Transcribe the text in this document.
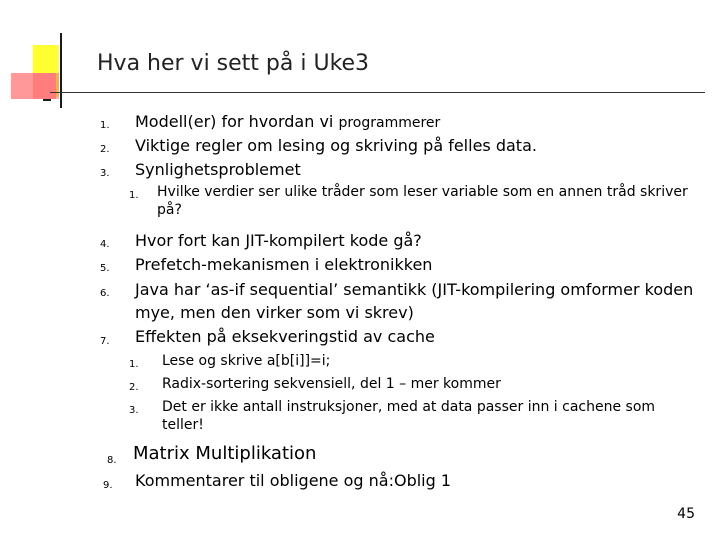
Hva her vi sett på i Uke3
1. Modell(er) for hvordan vi programmerer
2. Viktige regler om lesing og skriving på felles data.
3. Synlighetsproblemet
1. Hvilke verdier ser ulike tråder som leser variable som en annen tråd skriver
på?
4. Hvor fort kan JIT-kompilert kode gå?
5. Prefetch-mekanismen i elektronikken
6. Java har ‘as-if sequential’ semantikk (JIT-kompilering omformer koden
mye, men den virker som vi skrev)
7. Effekten på eksekveringstid av cache
1. Lese og skrive a[b[i]]=i;
2. Radix-sortering sekvensiell, del 1 – mer kommer
3. Det er ikke antall instruksjoner, med at data passer inn i cachene som
teller!
8. Matrix Multiplikation
9. Kommentarer til obligene og nå:Oblig 1
45
